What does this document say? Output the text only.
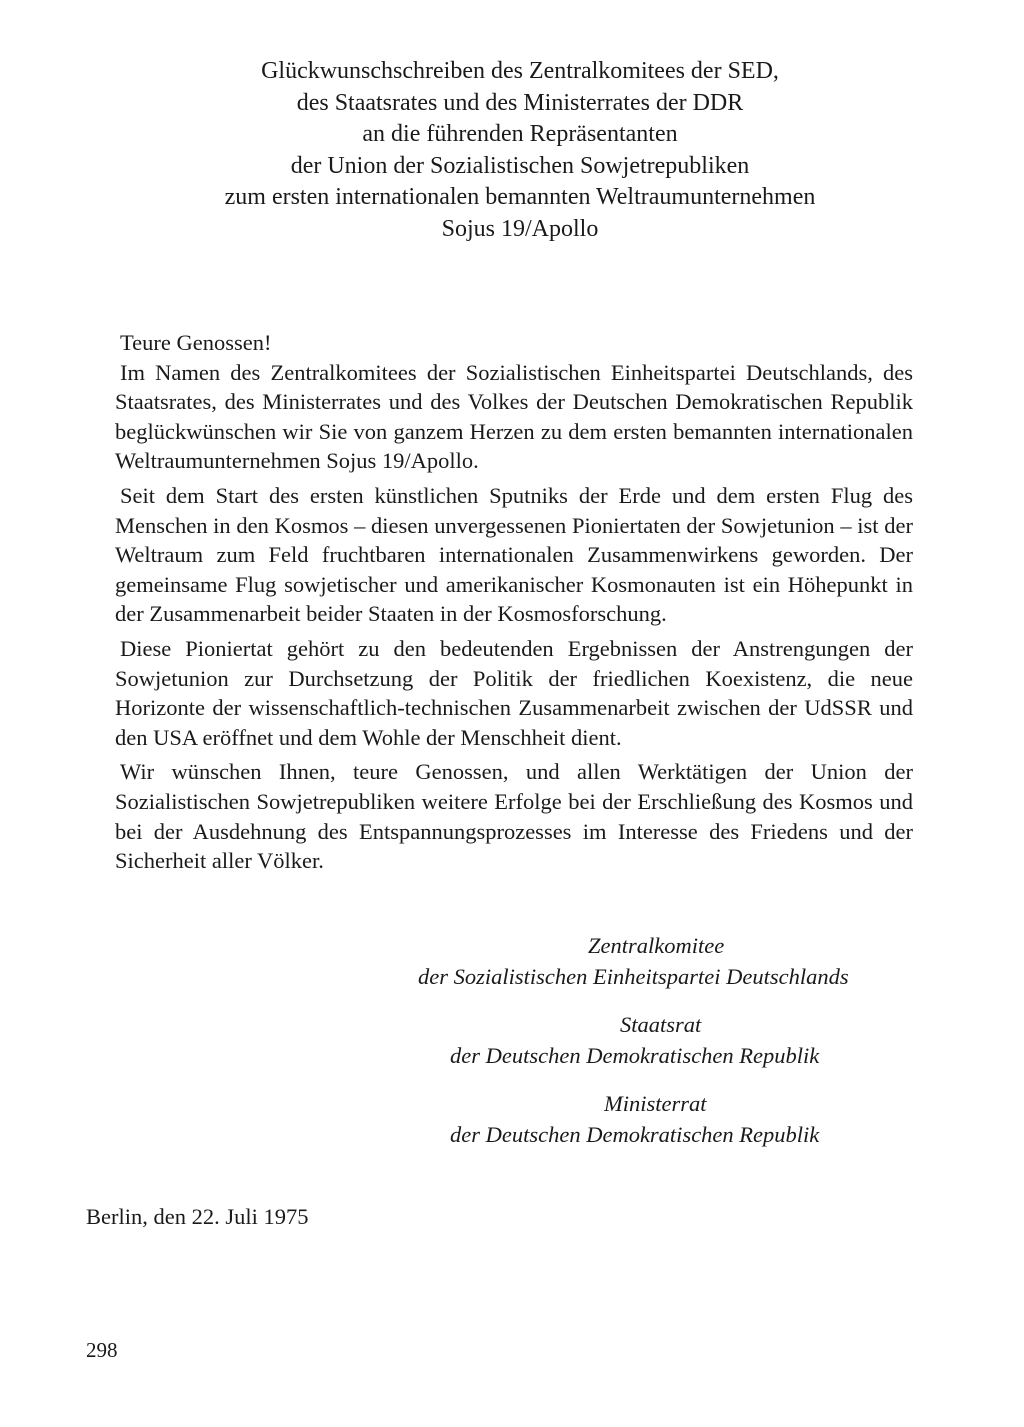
Glückwunschschreiben des Zentralkomitees der SED,
des Staatsrates und des Ministerrates der DDR
an die führenden Repräsentanten
der Union der Sozialistischen Sowjetrepubliken
zum ersten internationalen bemannten Weltraumunternehmen
Sojus 19/Apollo

Teure Genossen!

Im Namen des Zentralkomitees der Sozialistischen Einheitspartei Deutschlands, des Staatsrates, des Ministerrates und des Volkes der Deutschen Demokratischen Republik beglückwünschen wir Sie von ganzem Herzen zu dem ersten bemannten internationalen Weltraumunternehmen Sojus 19/Apollo.

Seit dem Start des ersten künstlichen Sputniks der Erde und dem ersten Flug des Menschen in den Kosmos – diesen unvergessenen Pioniertaten der Sowjetunion – ist der Weltraum zum Feld fruchtbaren internationalen Zusammenwirkens geworden. Der gemeinsame Flug sowjetischer und amerikanischer Kosmonauten ist ein Höhepunkt in der Zusammenarbeit beider Staaten in der Kosmosforschung.

Diese Pioniertat gehört zu den bedeutenden Ergebnissen der Anstrengungen der Sowjetunion zur Durchsetzung der Politik der friedlichen Koexistenz, die neue Horizonte der wissenschaftlich-technischen Zusammenarbeit zwischen der UdSSR und den USA eröffnet und dem Wohle der Menschheit dient.

Wir wünschen Ihnen, teure Genossen, und allen Werktätigen der Union der Sozialistischen Sowjetrepubliken weitere Erfolge bei der Erschließung des Kosmos und bei der Ausdehnung des Entspannungsprozesses im Interesse des Friedens und der Sicherheit aller Völker.

Zentralkomitee
der Sozialistischen Einheitspartei Deutschlands
Staatsrat
der Deutschen Demokratischen Republik
Ministerrat
der Deutschen Demokratischen Republik
Berlin, den 22. Juli 1975
298
